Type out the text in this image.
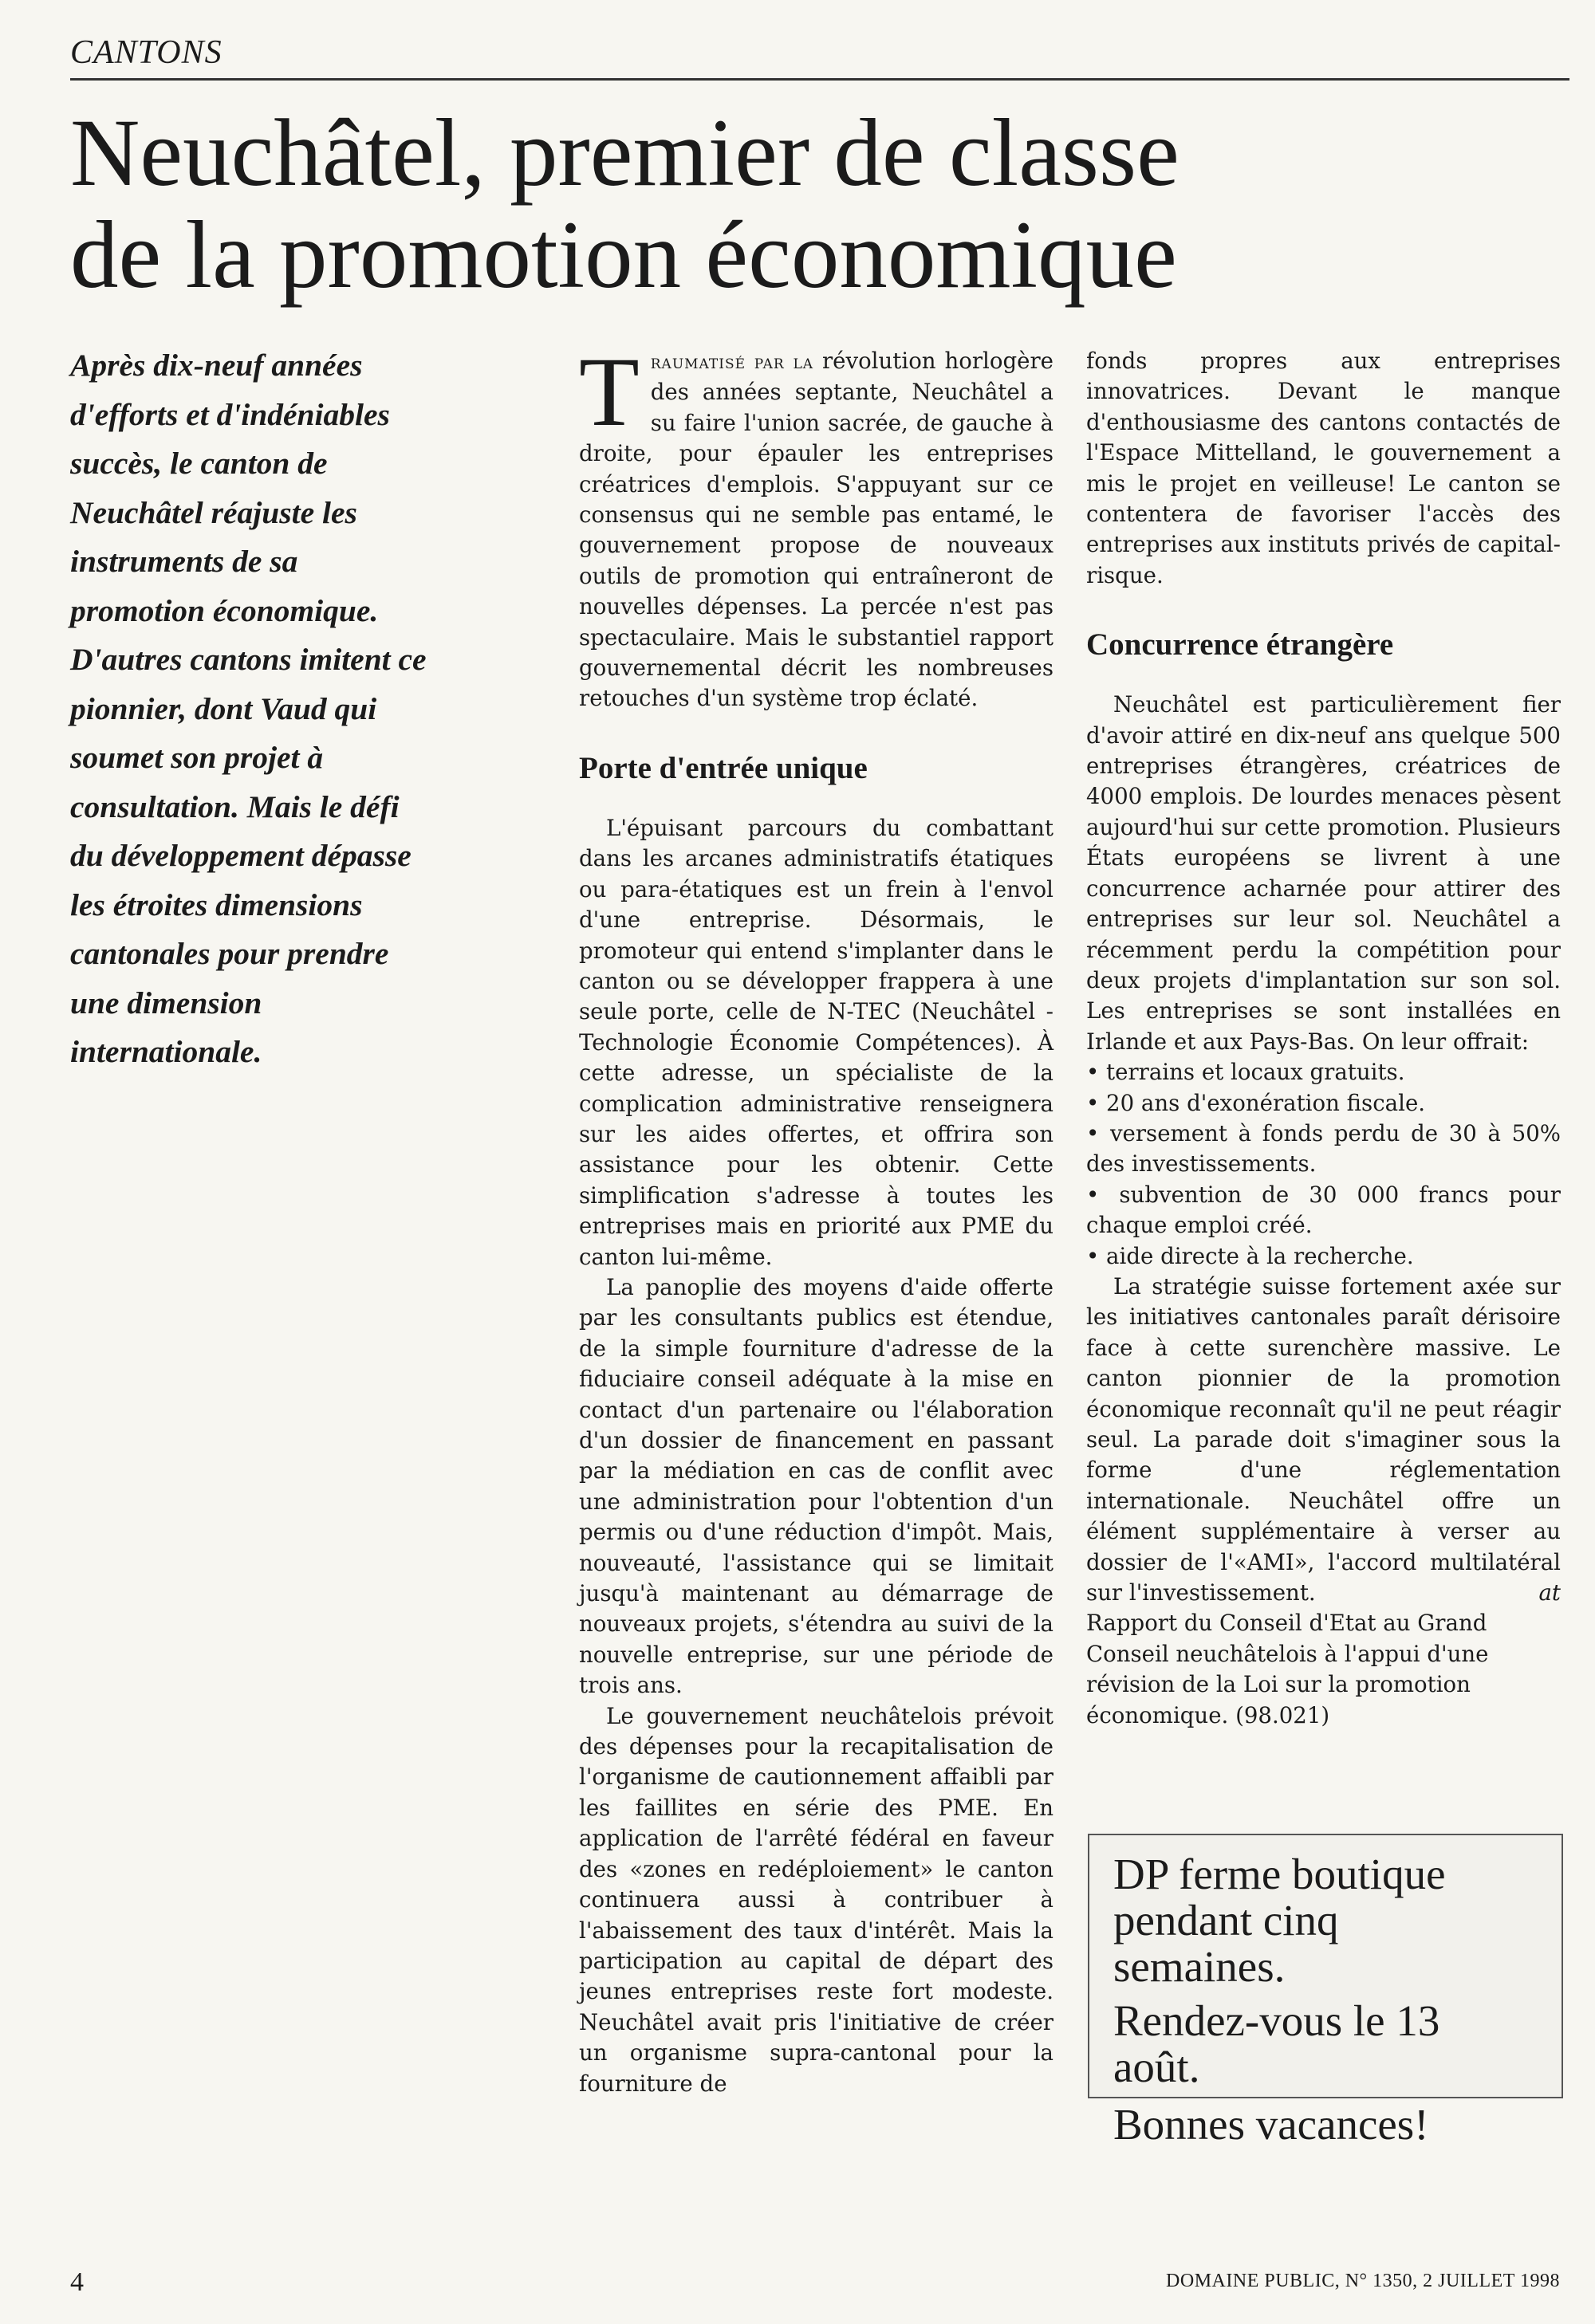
CANTONS
Neuchâtel, premier de classe
de la promotion économique
Après dix-neuf années
d'efforts et d'indéniables
succès, le canton de
Neuchâtel réajuste les
instruments de sa
promotion économique.
D'autres cantons imitent ce
pionnier, dont Vaud qui
soumet son projet à
consultation. Mais le défi
du développement dépasse
les étroites dimensions
cantonales pour prendre
une dimension
internationale.

Traumatisé par la révolution horlogère des années septante, Neuchâtel a su faire l'union sacrée, de gauche à droite, pour épauler les entreprises créatrices d'emplois. S'appuyant sur ce consensus qui ne semble pas entamé, le gouvernement propose de nouveaux outils de promotion qui entraîneront de nouvelles dépenses. La percée n'est pas spectaculaire. Mais le substantiel rapport gouvernemental décrit les nombreuses retouches d'un système trop éclaté.

Porte d'entrée unique

L'épuisant parcours du combattant dans les arcanes administratifs étatiques ou para-étatiques est un frein à l'envol d'une entreprise. Désormais, le promoteur qui entend s'implanter dans le canton ou se développer frappera à une seule porte, celle de N-TEC (Neuchâtel - Technologie Économie Compétences). À cette adresse, un spécialiste de la complication administrative renseignera sur les aides offertes, et offrira son assistance pour les obtenir. Cette simplification s'adresse à toutes les entreprises mais en priorité aux PME du canton lui-même.

La panoplie des moyens d'aide offerte par les consultants publics est étendue, de la simple fourniture d'adresse de la fiduciaire conseil adéquate à la mise en contact d'un partenaire ou l'élaboration d'un dossier de financement en passant par la médiation en cas de conflit avec une administration pour l'obtention d'un permis ou d'une réduction d'impôt. Mais, nouveauté, l'assistance qui se limitait jusqu'à maintenant au démarrage de nouveaux projets, s'étendra au suivi de la nouvelle entreprise, sur une période de trois ans.

Le gouvernement neuchâtelois prévoit des dépenses pour la recapitalisation de l'organisme de cautionnement affaibli par les faillites en série des PME. En application de l'arrêté fédéral en faveur des «zones en redéploiement» le canton continuera aussi à contribuer à l'abaissement des taux d'intérêt. Mais la participation au capital de départ des jeunes entreprises reste fort modeste. Neuchâtel avait pris l'initiative de créer un organisme supra-cantonal pour la fourniture de

fonds propres aux entreprises innovatrices. Devant le manque d'enthousiasme des cantons contactés de l'Espace Mittelland, le gouvernement a mis le projet en veilleuse! Le canton se contentera de favoriser l'accès des entreprises aux instituts privés de capital-risque.

Concurrence étrangère

Neuchâtel est particulièrement fier d'avoir attiré en dix-neuf ans quelque 500 entreprises étrangères, créatrices de 4000 emplois. De lourdes menaces pèsent aujourd'hui sur cette promotion. Plusieurs États européens se livrent à une concurrence acharnée pour attirer des entreprises sur leur sol. Neuchâtel a récemment perdu la compétition pour deux projets d'implantation sur son sol. Les entreprises se sont installées en Irlande et aux Pays-Bas. On leur offrait:

• terrains et locaux gratuits.

• 20 ans d'exonération fiscale.

• versement à fonds perdu de 30 à 50% des investissements.

• subvention de 30 000 francs pour chaque emploi créé.

• aide directe à la recherche.

La stratégie suisse fortement axée sur les initiatives cantonales paraît dérisoire face à cette surenchère massive. Le canton pionnier de la promotion économique reconnaît qu'il ne peut réagir seul. La parade doit s'imaginer sous la forme d'une réglementation internationale. Neuchâtel offre un élément supplémentaire à verser au dossier de l'«AMI», l'accord multilatéral sur l'investissement.	at

Rapport du Conseil d'Etat au Grand Conseil neuchâtelois à l'appui d'une révision de la Loi sur la promotion économique. (98.021)

DP ferme boutique
pendant cinq
semaines.
Rendez-vous le 13
août.
Bonnes vacances!
4	DOMAINE PUBLIC, N° 1350, 2 JUILLET 1998
